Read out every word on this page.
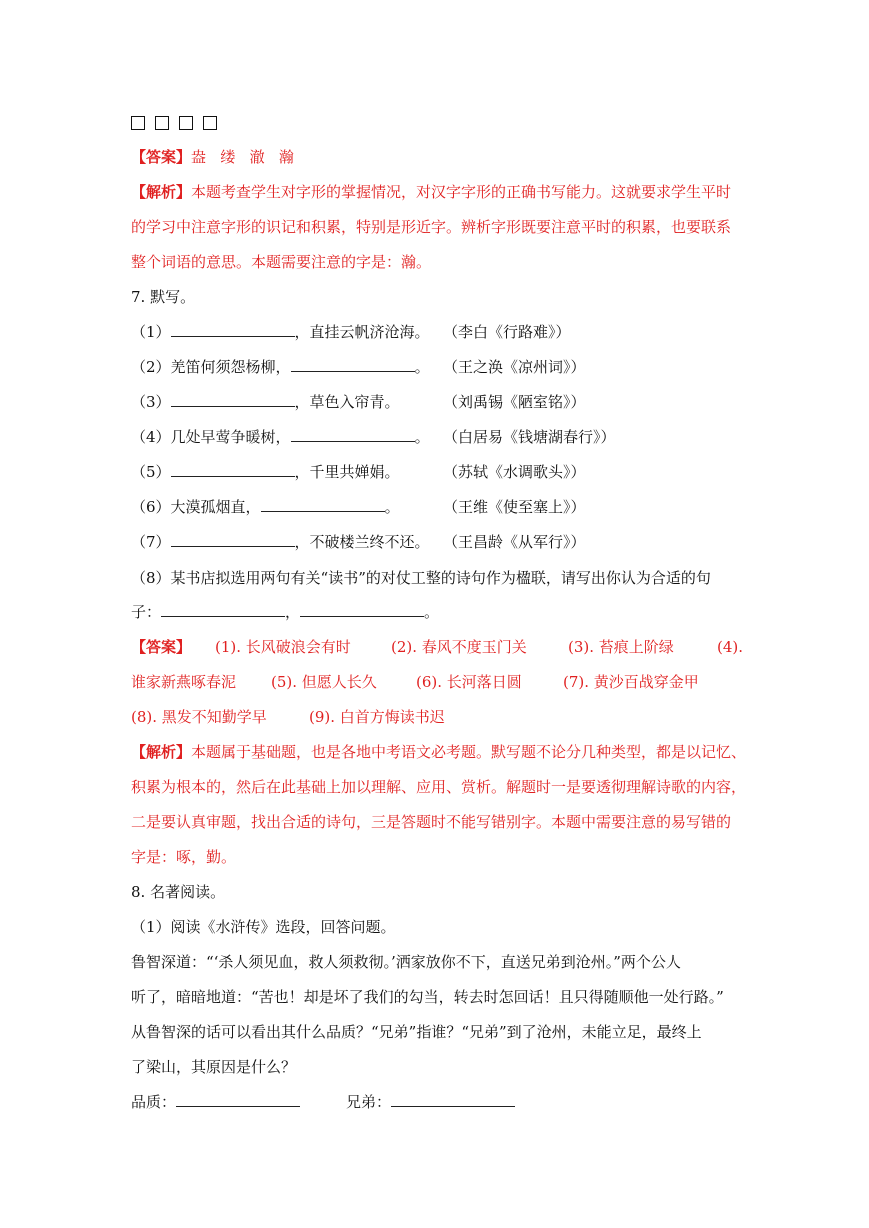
【答案】盎   缕   澈   瀚
【解析】本题考查学生对字形的掌握情况，对汉字字形的正确书写能力。这就要求学生平时
的学习中注意字形的识记和积累，特别是形近字。辨析字形既要注意平时的积累，也要联系
整个词语的意思。本题需要注意的字是：瀚。
7. 默写。
（1）	，直挂云帆济沧海。 （李白《行路难》）
（2）羌笛何须怨杨柳，	。 （王之涣《凉州词》）
（3）	，草色入帘青。	（刘禹锡《陋室铭》）
（4）几处早莺争暖树，	。 （白居易《钱塘湖春行》）
（5）	，千里共婵娟。	（苏轼《水调歌头》）
（6）大漠孤烟直，	。	（王维《使至塞上》）
（7）	，不破楼兰终不还。 （王昌龄《从军行》）
（8）某书店拟选用两句有关“读书”的对仗工整的诗句作为楹联，请写出你认为合适的句
子：	，	。
【答案】 (1). 长风破浪会有时	(2). 春风不度玉门关	(3). 苔痕上阶绿	(4).
谁家新燕啄春泥 (5). 但愿人长久	(6). 长河落日圆	(7). 黄沙百战穿金甲
(8). 黑发不知勤学早	(9). 白首方悔读书迟
【解析】本题属于基础题，也是各地中考语文必考题。默写题不论分几种类型，都是以记忆、
积累为根本的，然后在此基础上加以理解、应用、赏析。解题时一是要透彻理解诗歌的内容，
二是要认真审题，找出合适的诗句，三是答题时不能写错别字。本题中需要注意的易写错的
字是：啄，勤。
8. 名著阅读。
（1）阅读《水浒传》选段，回答问题。
鲁智深道：“‘杀人须见血，救人须救彻。’洒家放你不下，直送兄弟到沧州。”两个公人
听了，暗暗地道：“苦也！却是坏了我们的勾当，转去时怎回话！且只得随顺他一处行路。”
从鲁智深的话可以看出其什么品质？“兄弟”指谁？“兄弟”到了沧州，未能立足，最终上
了梁山，其原因是什么？
品质：	兄弟：
